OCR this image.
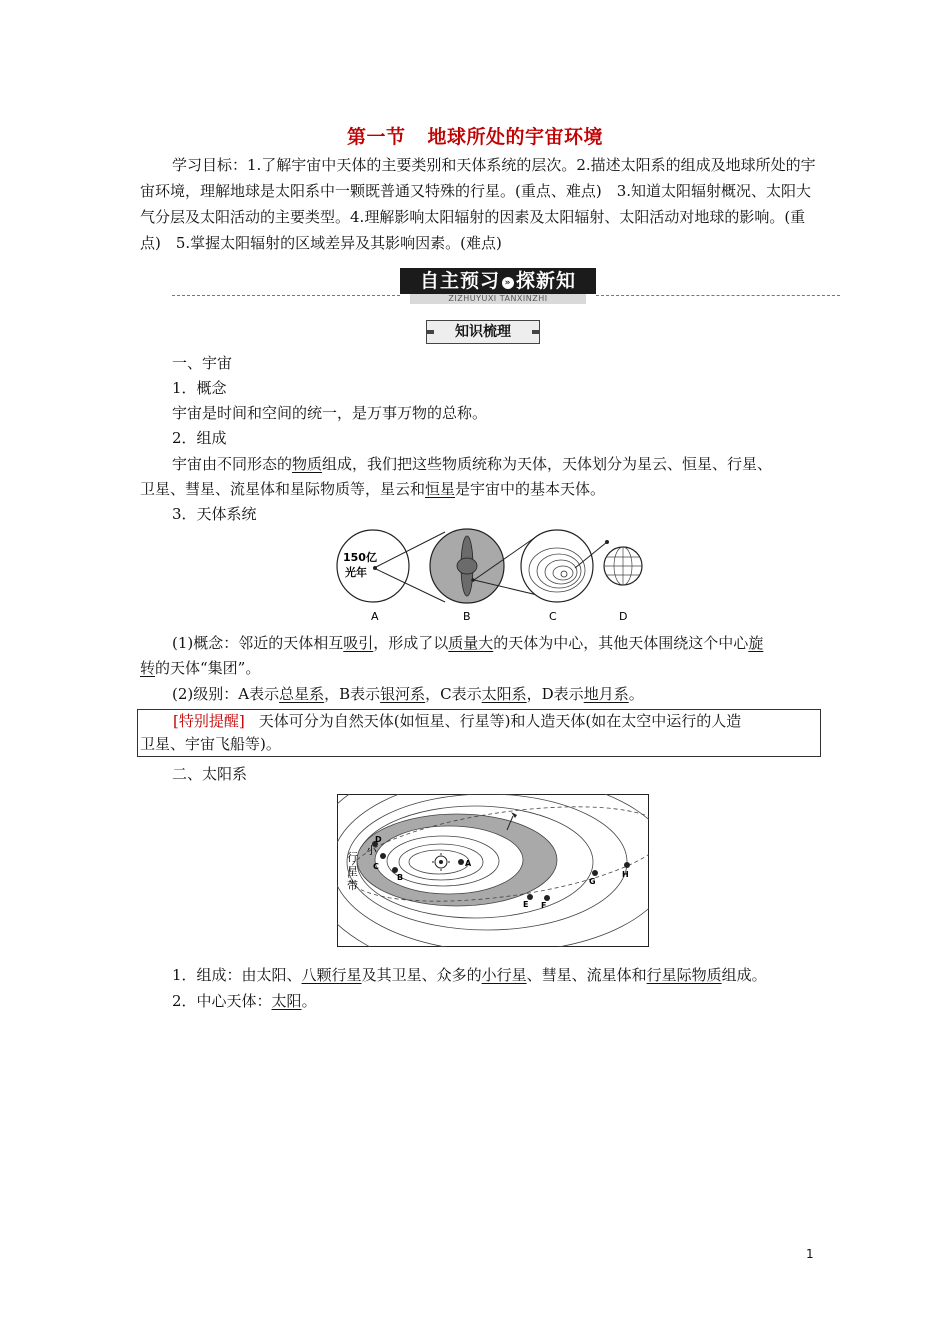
第一节 地球所处的宇宙环境
学习目标：1.了解宇宙中天体的主要类别和天体系统的层次。2.描述太阳系的组成及地球所处的宇宙环境，理解地球是太阳系中一颗既普通又特殊的行星。(重点、难点)　3.知道太阳辐射概况、太阳大气分层及太阳活动的主要类型。4.理解影响太阳辐射的因素及太阳辐射、太阳活动对地球的影响。(重点)　5.掌握太阳辐射的区域差异及其影响因素。(难点)
自主预习 » 探新知
ZIZHUYUXI TANXINZHI
知识梳理
一、宇宙
1．概念
宇宙是时间和空间的统一，是万事万物的总称。
2．组成
宇宙由不同形态的物质组成，我们把这些物质统称为天体，天体划分为星云、恒星、行星、
卫星、彗星、流星体和星际物质等，星云和恒星是宇宙中的基本天体。
3．天体系统
150亿
光年
A	B	C	D
(1)概念：邻近的天体相互吸引，形成了以质量大的天体为中心，其他天体围绕这个中心旋
转的天体“集团”。
(2)级别：A表示总星系，B表示银河系，C表示太阳系，D表示地月系。
[特别提醒] 天体可分为自然天体(如恒星、行星等)和人造天体(如在太空中运行的人造
卫星、宇宙飞船等)。
二、太阳系
A
B
C
D
E F
G
H
小
行
星
带
1．组成：由太阳、八颗行星及其卫星、众多的小行星、彗星、流星体和行星际物质组成。
2．中心天体：太阳。
1
